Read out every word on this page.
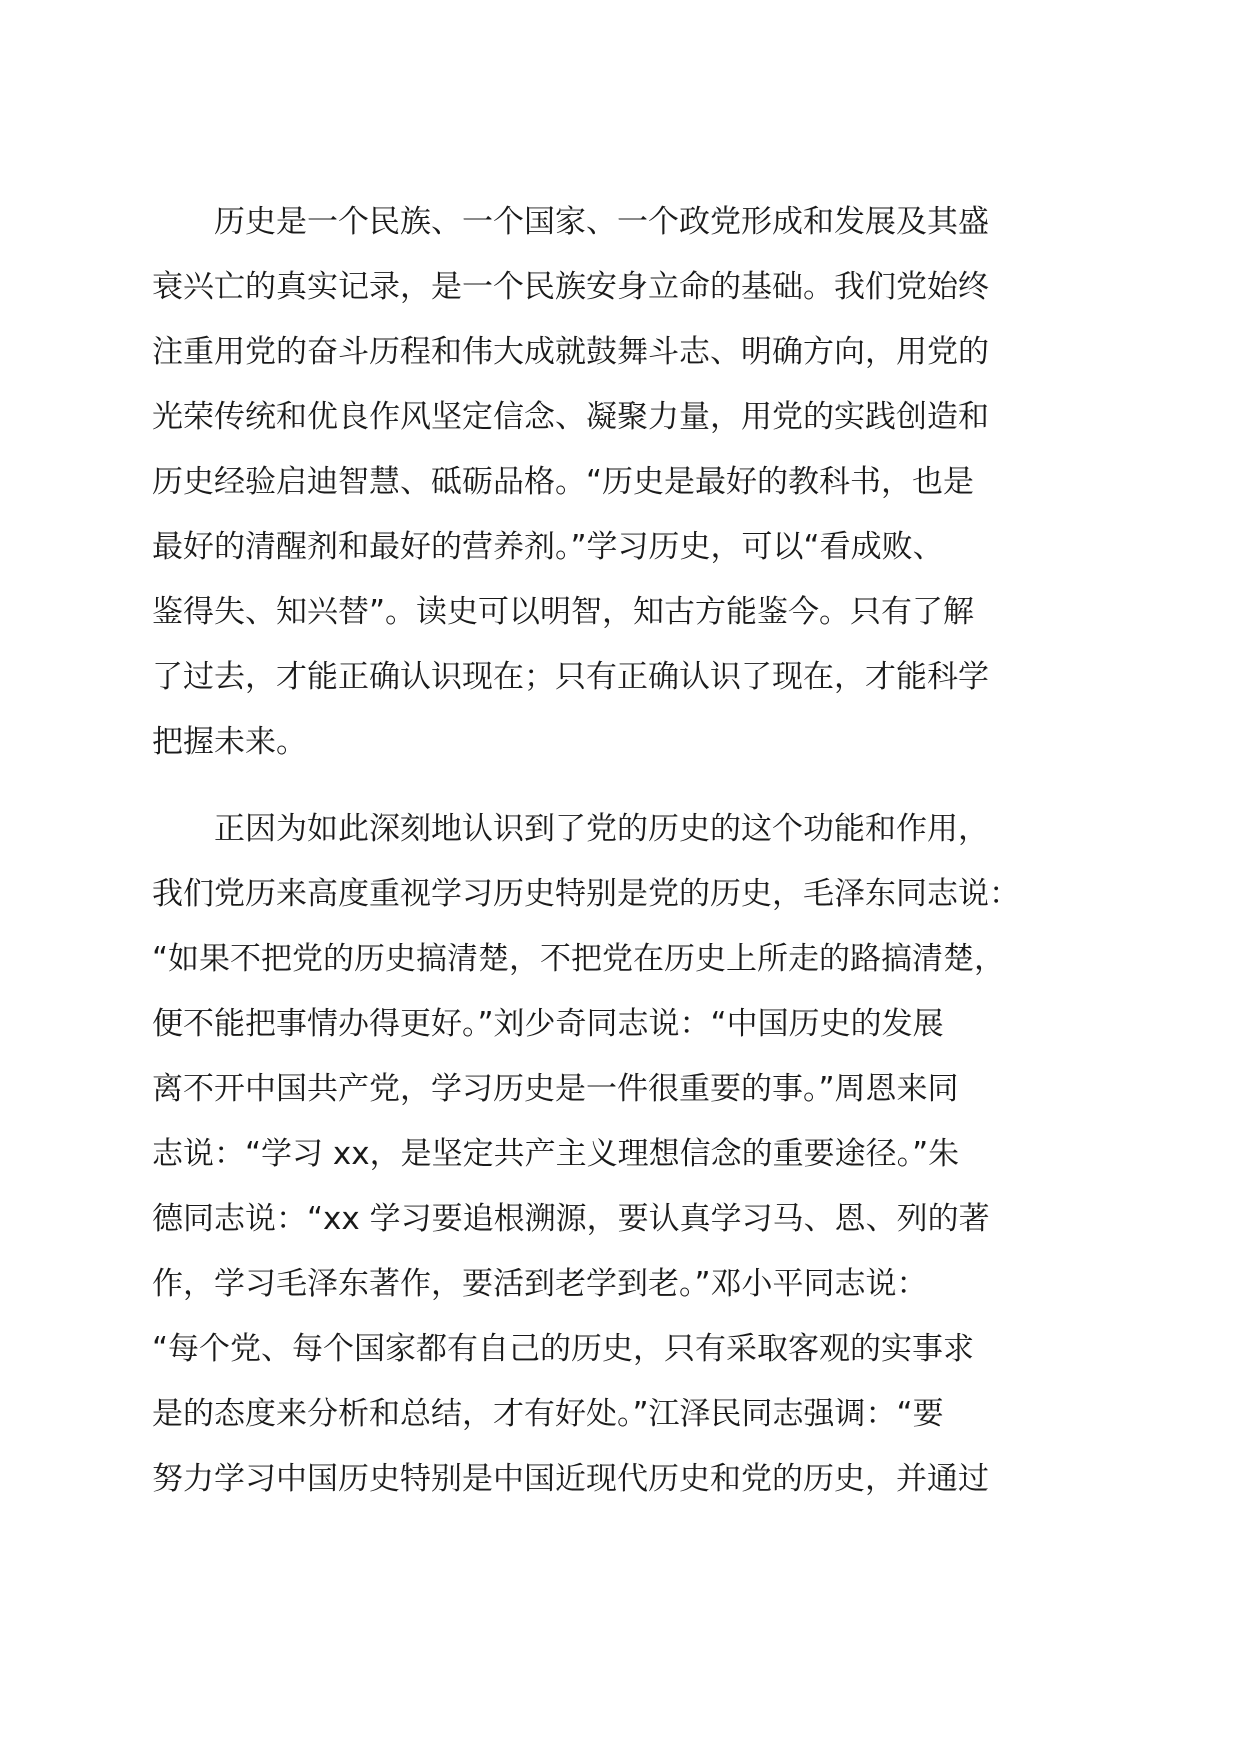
　　历史是一个民族、一个国家、一个政党形成和发展及其盛
衰兴亡的真实记录，是一个民族安身立命的基础。我们党始终
注重用党的奋斗历程和伟大成就鼓舞斗志、明确方向，用党的
光荣传统和优良作风坚定信念、凝聚力量，用党的实践创造和
历史经验启迪智慧、砥砺品格。“历史是最好的教科书，也是
最好的清醒剂和最好的营养剂。”学习历史，可以“看成败、
鉴得失、知兴替”。读史可以明智，知古方能鉴今。只有了解
了过去，才能正确认识现在；只有正确认识了现在，才能科学
把握未来。
　　正因为如此深刻地认识到了党的历史的这个功能和作用，
我们党历来高度重视学习历史特别是党的历史，毛泽东同志说：
“如果不把党的历史搞清楚，不把党在历史上所走的路搞清楚，
便不能把事情办得更好。”刘少奇同志说：“中国历史的发展
离不开中国共产党，学习历史是一件很重要的事。”周恩来同
志说：“学习 xx，是坚定共产主义理想信念的重要途径。”朱
德同志说：“xx 学习要追根溯源，要认真学习马、恩、列的著
作，学习毛泽东著作，要活到老学到老。”邓小平同志说：
“每个党、每个国家都有自己的历史，只有采取客观的实事求
是的态度来分析和总结，才有好处。”江泽民同志强调：“要
努力学习中国历史特别是中国近现代历史和党的历史，并通过
